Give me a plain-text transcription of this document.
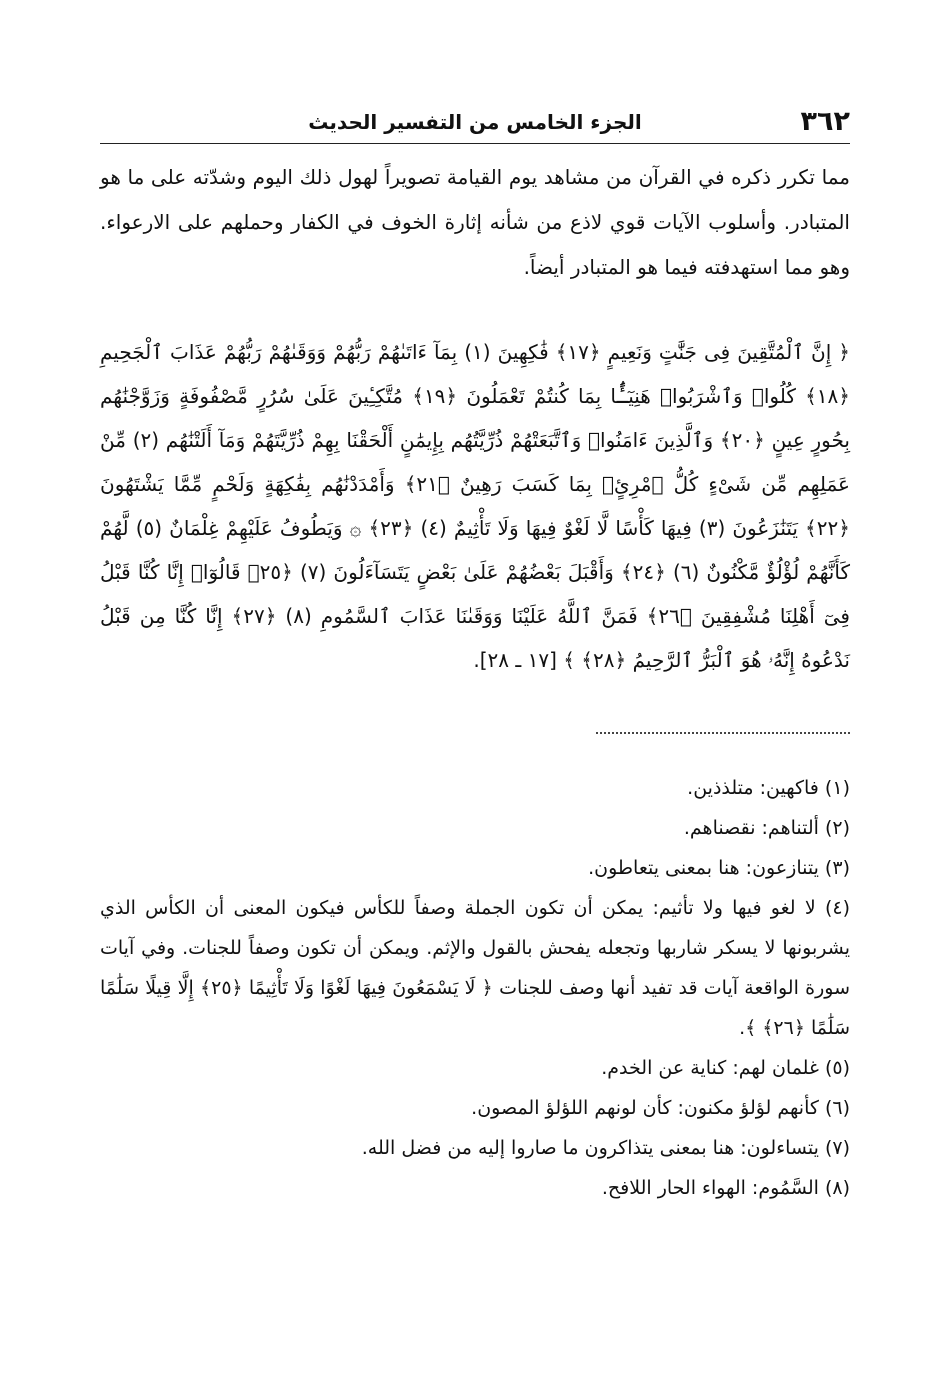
٣٦٢
الجزء الخامس من التفسير الحديث

مما تكرر ذكره في القرآن من مشاهد يوم القيامة تصويراً لهول ذلك اليوم وشدّته على ما هو المتبادر. وأسلوب الآيات قوي لاذع من شأنه إثارة الخوف في الكفار وحملهم على الارعواء. وهو مما استهدفته فيما هو المتبادر أيضاً.

﴿ إِنَّ ٱلْمُتَّقِينَ فِى جَنَّٰتٍ وَنَعِيمٍ ﴿١٧﴾ فَٰكِهِينَ (١) بِمَآ ءَاتَىٰهُمْ رَبُّهُمْ وَوَقَىٰهُمْ رَبُّهُمْ عَذَابَ ٱلْجَحِيمِ ﴿١٨﴾ كُلُوا۟ وَٱشْرَبُوا۟ هَنِيٓـًٔۢا بِمَا كُنتُمْ تَعْمَلُونَ ﴿١٩﴾ مُتَّكِـِٔينَ عَلَىٰ سُرُرٍ مَّصْفُوفَةٍ وَزَوَّجْنَٰهُم بِحُورٍ عِينٍ ﴿٢٠﴾ وَٱلَّذِينَ ءَامَنُوا۟ وَٱتَّبَعَتْهُمْ ذُرِّيَّتُهُم بِإِيمَٰنٍ أَلْحَقْنَا بِهِمْ ذُرِّيَّتَهُمْ وَمَآ أَلَتْنَٰهُم (٢) مِّنْ عَمَلِهِم مِّن شَىْءٍ كُلُّ ٱمْرِئٍۭ بِمَا كَسَبَ رَهِينٌ ﴿٢١﴾ وَأَمْدَدْنَٰهُم بِفَٰكِهَةٍ وَلَحْمٍ مِّمَّا يَشْتَهُونَ ﴿٢٢﴾ يَتَنَٰزَعُونَ (٣) فِيهَا كَأْسًا لَّا لَغْوٌ فِيهَا وَلَا تَأْثِيمٌ (٤) ﴿٢٣﴾ ۞ وَيَطُوفُ عَلَيْهِمْ غِلْمَانٌ (٥) لَّهُمْ كَأَنَّهُمْ لُؤْلُؤٌ مَّكْنُونٌ (٦) ﴿٢٤﴾ وَأَقْبَلَ بَعْضُهُمْ عَلَىٰ بَعْضٍ يَتَسَآءَلُونَ (٧) ﴿٢٥﴾ قَالُوٓا۟ إِنَّا كُنَّا قَبْلُ فِىٓ أَهْلِنَا مُشْفِقِينَ ﴿٢٦﴾ فَمَنَّ ٱللَّهُ عَلَيْنَا وَوَقَىٰنَا عَذَابَ ٱلسَّمُومِ (٨) ﴿٢٧﴾ إِنَّا كُنَّا مِن قَبْلُ نَدْعُوهُ إِنَّهُۥ هُوَ ٱلْبَرُّ ٱلرَّحِيمُ ﴿٢٨﴾ ﴾ [١٧ ـ ٢٨].
(١) فاكهين: متلذذين.
(٢) ألتناهم: نقصناهم.
(٣) يتنازعون: هنا بمعنى يتعاطون.
(٤) لا لغو فيها ولا تأثيم: يمكن أن تكون الجملة وصفاً للكأس فيكون المعنى أن الكأس الذي يشربونها لا يسكر شاربها وتجعله يفحش بالقول والإثم. ويمكن أن تكون وصفاً للجنات. وفي آيات سورة الواقعة آيات قد تفيد أنها وصف للجنات ﴿ لَا يَسْمَعُونَ فِيهَا لَغْوًا وَلَا تَأْثِيمًا ﴿٢٥﴾ إِلَّا قِيلًا سَلَٰمًا سَلَٰمًا ﴿٢٦﴾ ﴾.
(٥) غلمان لهم: كناية عن الخدم.
(٦) كأنهم لؤلؤ مكنون: كأن لونهم اللؤلؤ المصون.
(٧) يتساءلون: هنا بمعنى يتذاكرون ما صاروا إليه من فضل الله.
(٨) السَّمُوم: الهواء الحار اللافح.
